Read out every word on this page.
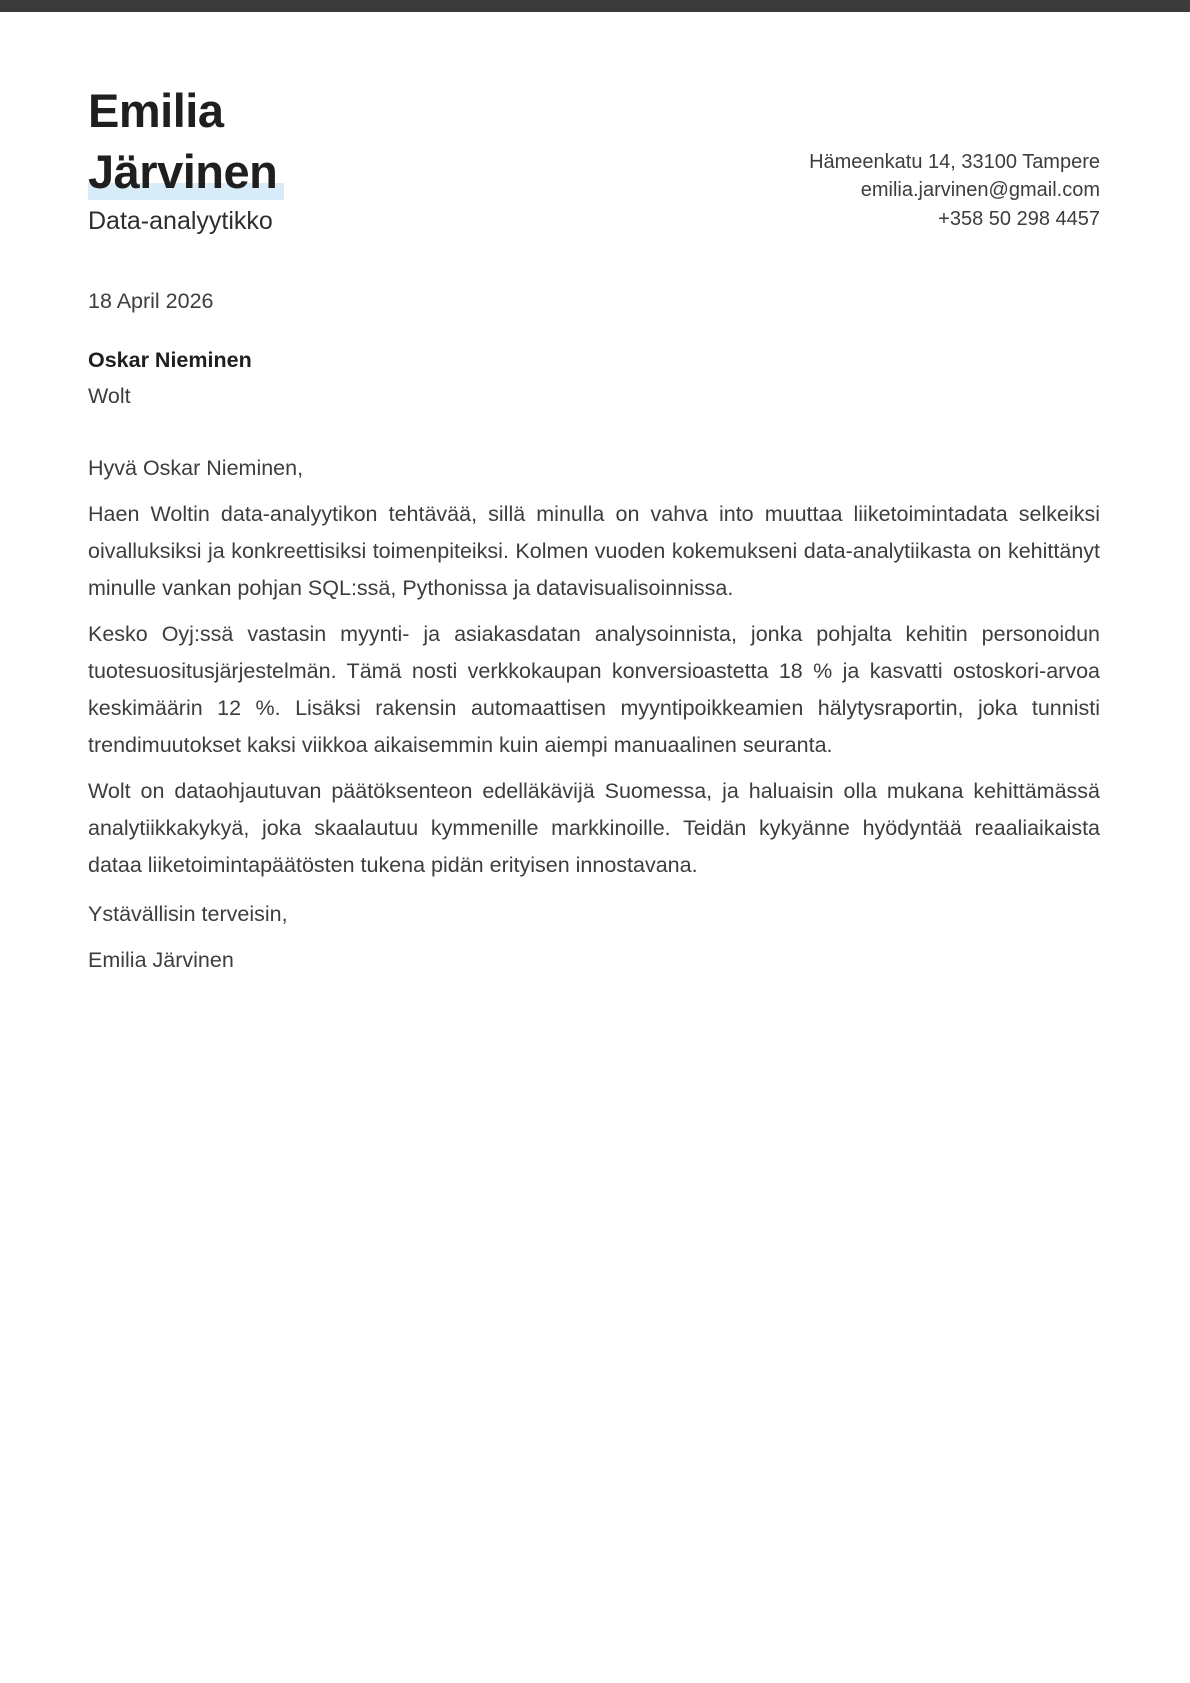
Emilia
Järvinen
Data-analyytikko
Hämeenkatu 14, 33100 Tampere
emilia.jarvinen@gmail.com
+358 50 298 4457
18 April 2026
Oskar Nieminen
Wolt

Hyvä Oskar Nieminen,

Haen Woltin data-analyytikon tehtävää, sillä minulla on vahva into muuttaa liiketoimintadata selkeiksi oivalluksiksi ja konkreettisiksi toimenpiteiksi. Kolmen vuoden kokemukseni data-analytiikasta on kehittänyt minulle vankan pohjan SQL:ssä, Pythonissa ja datavisualisoinnissa.

Kesko Oyj:ssä vastasin myynti- ja asiakasdatan analysoinnista, jonka pohjalta kehitin personoidun tuotesuositusjärjestelmän. Tämä nosti verkkokaupan konversioastetta 18 % ja kasvatti ostoskori-arvoa keskimäärin 12 %. Lisäksi rakensin automaattisen myyntipoikkeamien hälytysraportin, joka tunnisti trendimuutokset kaksi viikkoa aikaisemmin kuin aiempi manuaalinen seuranta.

Wolt on dataohjautuvan päätöksenteon edelläkävijä Suomessa, ja haluaisin olla mukana kehittämässä analytiikkakykyä, joka skaalautuu kymmenille markkinoille. Teidän kykyänne hyödyntää reaaliaikaista dataa liiketoimintapäätösten tukena pidän erityisen innostavana.

Ystävällisin terveisin,

Emilia Järvinen
